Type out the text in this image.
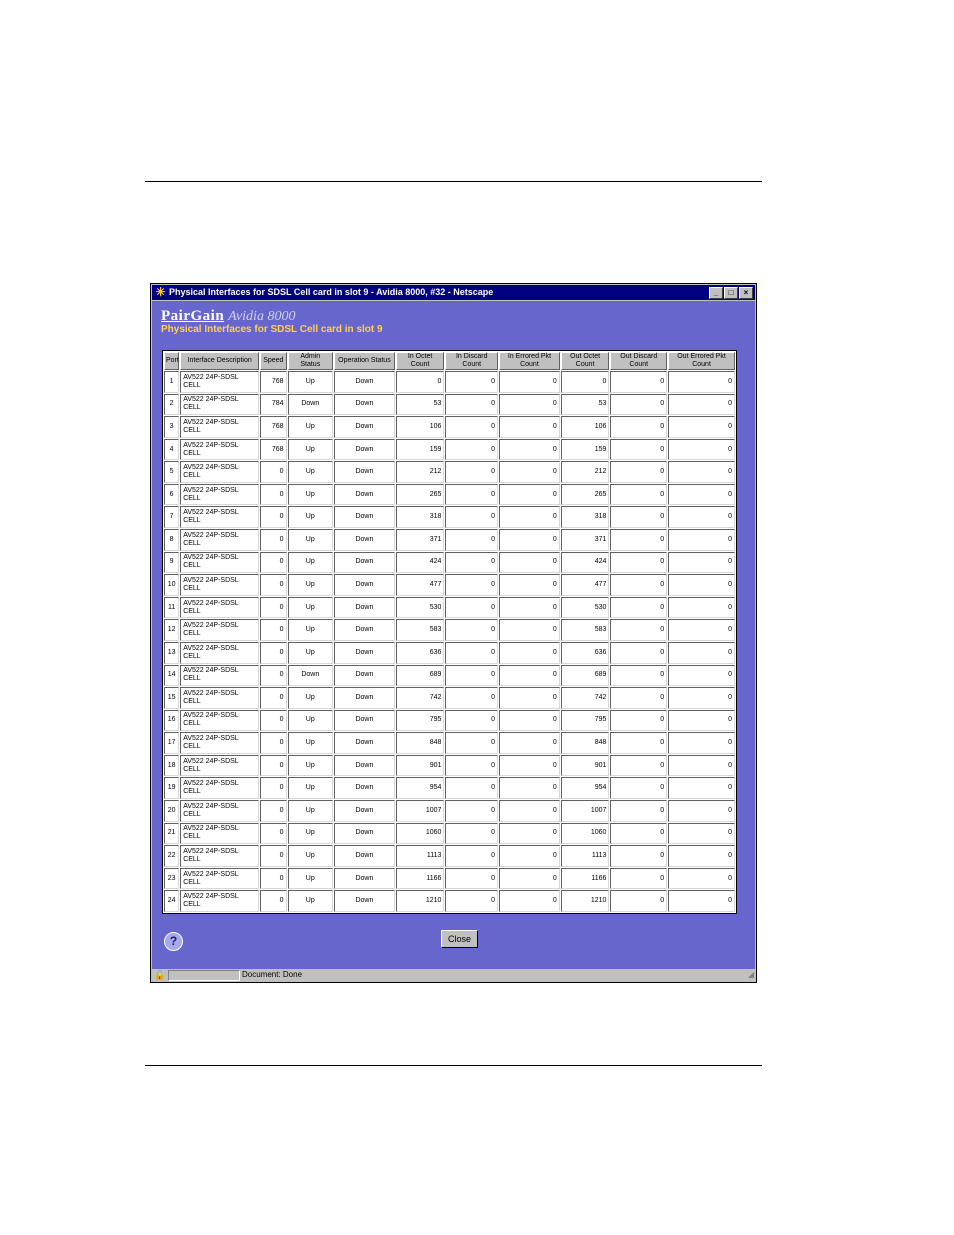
✳ Physical Interfaces for SDSL Cell card in slot 9 - Avidia 8000, #32 - Netscape	_	□	×
PairGain Avidia 8000
Physical Interfaces for SDSL Cell card in slot 9
Port	Interface Description	Speed	Admin Status	Operation Status	In Octet Count	In Discard Count	In Errored Pkt Count	Out Octet Count	Out Discard Count	Out Errored Pkt Count
1	AV522 24P-SDSL CELL	768	Up	Down	0	0	0	0	0	0
2	AV522 24P-SDSL CELL	784	Down	Down	53	0	0	53	0	0
3	AV522 24P-SDSL CELL	768	Up	Down	106	0	0	106	0	0
4	AV522 24P-SDSL CELL	768	Up	Down	159	0	0	159	0	0
5	AV522 24P-SDSL CELL	0	Up	Down	212	0	0	212	0	0
6	AV522 24P-SDSL CELL	0	Up	Down	265	0	0	265	0	0
7	AV522 24P-SDSL CELL	0	Up	Down	318	0	0	318	0	0
8	AV522 24P-SDSL CELL	0	Up	Down	371	0	0	371	0	0
9	AV522 24P-SDSL CELL	0	Up	Down	424	0	0	424	0	0
10	AV522 24P-SDSL CELL	0	Up	Down	477	0	0	477	0	0
11	AV522 24P-SDSL CELL	0	Up	Down	530	0	0	530	0	0
12	AV522 24P-SDSL CELL	0	Up	Down	583	0	0	583	0	0
13	AV522 24P-SDSL CELL	0	Up	Down	636	0	0	636	0	0
14	AV522 24P-SDSL CELL	0	Down	Down	689	0	0	689	0	0
15	AV522 24P-SDSL CELL	0	Up	Down	742	0	0	742	0	0
16	AV522 24P-SDSL CELL	0	Up	Down	795	0	0	795	0	0
17	AV522 24P-SDSL CELL	0	Up	Down	848	0	0	848	0	0
18	AV522 24P-SDSL CELL	0	Up	Down	901	0	0	901	0	0
19	AV522 24P-SDSL CELL	0	Up	Down	954	0	0	954	0	0
20	AV522 24P-SDSL CELL	0	Up	Down	1007	0	0	1007	0	0
21	AV522 24P-SDSL CELL	0	Up	Down	1060	0	0	1060	0	0
22	AV522 24P-SDSL CELL	0	Up	Down	1113	0	0	1113	0	0
23	AV522 24P-SDSL CELL	0	Up	Down	1166	0	0	1166	0	0
24	AV522 24P-SDSL CELL	0	Up	Down	1210	0	0	1210	0	0
?	Close
🔓	Document: Done	◢
